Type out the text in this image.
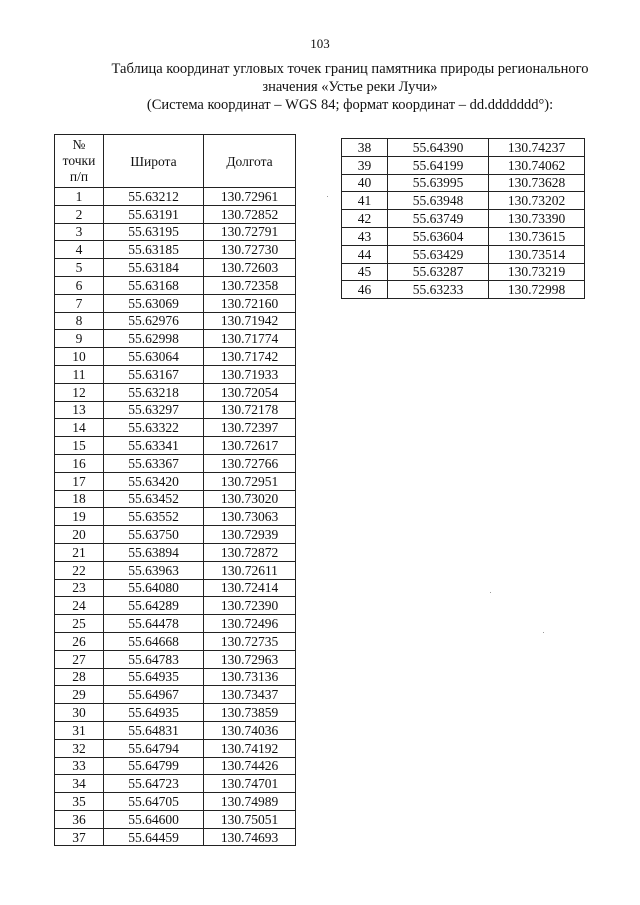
103
Таблица координат угловых точек границ памятника природы регионального
значения «Устье реки Лучи»
(Система координат – WGS 84; формат координат – dd.ddddddd°):
№
точки
п/п	Широта	Долгота
1	55.63212	130.72961
2	55.63191	130.72852
3	55.63195	130.72791
4	55.63185	130.72730
5	55.63184	130.72603
6	55.63168	130.72358
7	55.63069	130.72160
8	55.62976	130.71942
9	55.62998	130.71774
10	55.63064	130.71742
11	55.63167	130.71933
12	55.63218	130.72054
13	55.63297	130.72178
14	55.63322	130.72397
15	55.63341	130.72617
16	55.63367	130.72766
17	55.63420	130.72951
18	55.63452	130.73020
19	55.63552	130.73063
20	55.63750	130.72939
21	55.63894	130.72872
22	55.63963	130.72611
23	55.64080	130.72414
24	55.64289	130.72390
25	55.64478	130.72496
26	55.64668	130.72735
27	55.64783	130.72963
28	55.64935	130.73136
29	55.64967	130.73437
30	55.64935	130.73859
31	55.64831	130.74036
32	55.64794	130.74192
33	55.64799	130.74426
34	55.64723	130.74701
35	55.64705	130.74989
36	55.64600	130.75051
37	55.64459	130.74693
38	55.64390	130.74237
39	55.64199	130.74062
40	55.63995	130.73628
41	55.63948	130.73202
42	55.63749	130.73390
43	55.63604	130.73615
44	55.63429	130.73514
45	55.63287	130.73219
46	55.63233	130.72998
